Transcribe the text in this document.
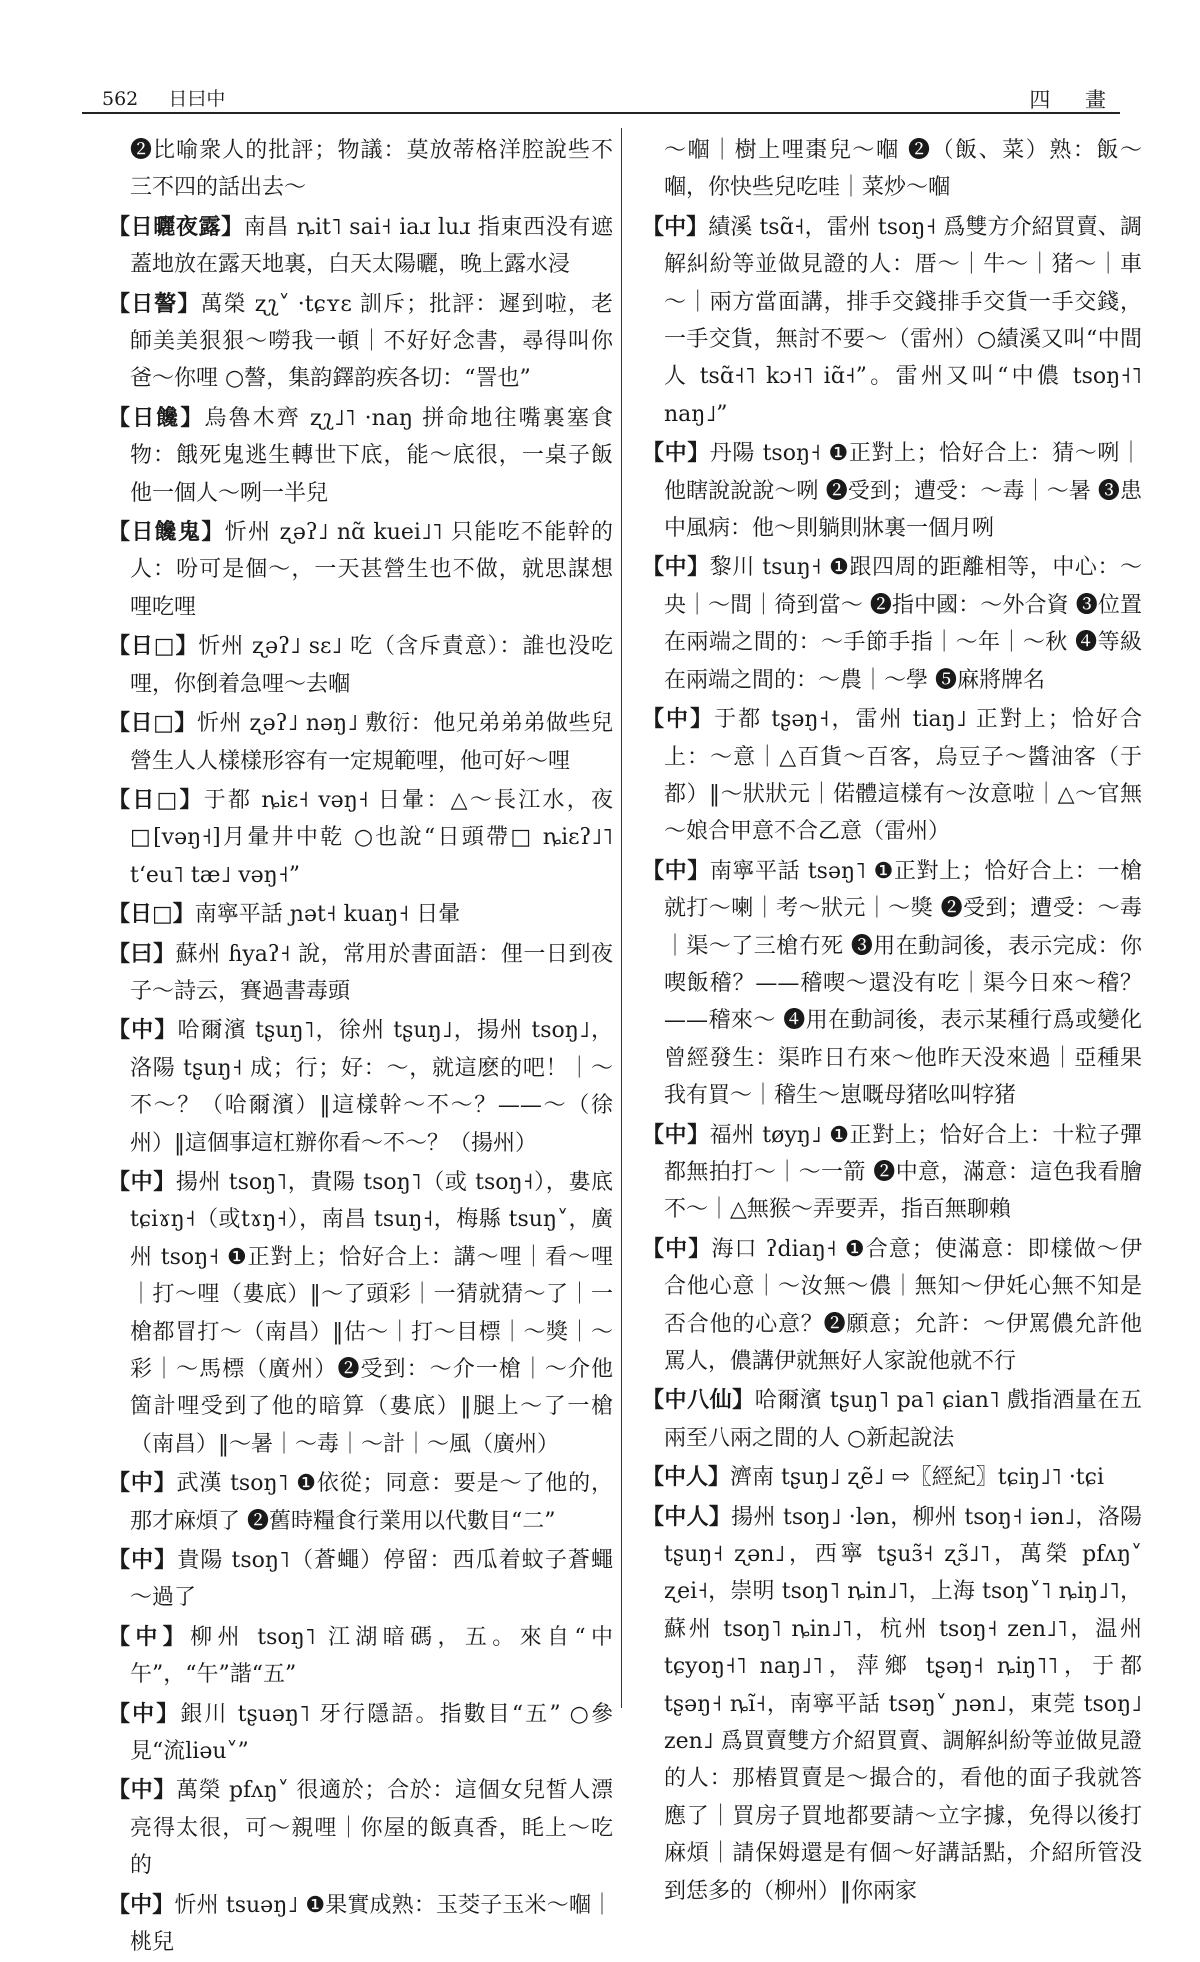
562 日曰中	四 畫
❷比喻衆人的批評；物議：莫放蒂格洋腔說些不三不四的話出去～
【日曬夜露】南昌 ȵit˥ sai˧ iaɹ luɹ 指東西没有遮蓋地放在露天地裏，白天太陽曬，晚上露水浸
【日謷】萬榮 ʐʅ˅ ·tɕʏɛ 訓斥；批評：遲到啦，老師美美狠狠～嘮我一頓｜不好好念書，尋得叫你爸～你哩 ○謷，集韵鐸韵疾各切：“詈也”
【日饞】烏魯木齊 ʐʅ˩˥ ·naŋ 拼命地往嘴裏塞食物：餓死鬼逃生轉世下底，能～底很，一桌子飯他一個人～咧一半兒
【日饞鬼】忻州 ʐəʔ˩ nɑ̃ kuei˩˥ 只能吃不能幹的人：吩可是個～，一天甚營生也不做，就思謀想哩吃哩
【日□】忻州 ʐəʔ˩ sɛ˩ 吃（含斥責意）：誰也没吃哩，你倒着急哩～去嗰
【日□】忻州 ʐəʔ˩ nəŋ˩ 敷衍：他兄弟弟弟做些兒營生人人樣樣形容有一定規範哩，他可好～哩
【日□】于都 ȵiɛ˧ vəŋ˧ 日暈：△～長江水，夜□[vəŋ˧]月暈井中乾 ○也說“日頭帶□ ȵiɛʔ˩˥ tʻeu˥ tæ˩ vəŋ˧”
【日□】南寧平話 ɲət˧ kuaŋ˧ 日暈
【曰】蘇州 ɦyaʔ˧ 說，常用於書面語：俚一日到夜子～詩云，賽過書毒頭
【中】哈爾濱 tʂuŋ˥，徐州 tʂuŋ˩，揚州 tsoŋ˩，洛陽 tʂuŋ˧ 成；行；好：～，就這麽的吧！｜～不～？（哈爾濱）‖這樣幹～不～？——～（徐州）‖這個事這杠辦你看～不～？（揚州）
【中】揚州 tsoŋ˥，貴陽 tsoŋ˥（或 tsoŋ˧），婁底 tɕiɤŋ˧（或tɤŋ˧），南昌 tsuŋ˧，梅縣 tsuŋ˅，廣州 tsoŋ˧ ❶正對上；恰好合上：講～哩｜看～哩｜打～哩（婁底）‖～了頭彩｜一猜就猜～了｜一槍都冒打～（南昌）‖估～｜打～目標｜～獎｜～彩｜～馬標（廣州）❷受到：～介一槍｜～介他箇計哩受到了他的暗算（婁底）‖腿上～了一槍（南昌）‖～暑｜～毒｜～計｜～風（廣州）
【中】武漢 tsoŋ˥ ❶依從；同意：要是～了他的，那才麻煩了 ❷舊時糧食行業用以代數目“二”
【中】貴陽 tsoŋ˥（蒼蠅）停留：西瓜着蚊子蒼蠅～過了
【中】柳州 tsoŋ˥ 江湖暗碼，五。來自“中午”，“午”諧“五”
【中】銀川 tʂuəŋ˥ 牙行隱語。指數目“五” ○參見“流liəu˅”
【中】萬榮 pfʌŋ˅ 很適於；合於：這個女兒皙人漂亮得太很，可～親哩｜你屋的飯真香，眊上～吃的
【中】忻州 tsuəŋ˩ ❶果實成熟：玉茭子玉米～嗰｜桃兒
～嗰｜樹上哩棗兒～嗰 ❷（飯、菜）熟：飯～嗰，你快些兒吃哇｜菜炒～嗰
【中】績溪 tsɑ̃˧，雷州 tsoŋ˧ 爲雙方介紹買賣、調解糾紛等並做見證的人：厝～｜牛～｜猪～｜車～｜兩方當面講，排手交錢排手交貨一手交錢，一手交貨，無討不要～（雷州）○績溪又叫“中間人 tsɑ̃˧˥ kɔ˧˥ iɑ̃˧”。雷州又叫“中儂 tsoŋ˧˥ naŋ˩”
【中】丹陽 tsoŋ˧ ❶正對上；恰好合上：猜～咧｜他瞎說說說～咧 ❷受到；遭受：～毒｜～暑 ❸患中風病：他～則躺則牀裏一個月咧
【中】黎川 tsuŋ˧ ❶跟四周的距離相等，中心：～央｜～間｜徛到當～ ❷指中國：～外合資 ❸位置在兩端之間的：～手節手指｜～年｜～秋 ❹等級在兩端之間的：～農｜～學 ❺麻將牌名
【中】于都 tʂəŋ˧，雷州 tiaŋ˩ 正對上；恰好合上：～意｜△百貨～百客，烏豆子～醬油客（于都）‖～狀狀元｜偌體這樣有～汝意啦｜△～官無～娘合甲意不合乙意（雷州）
【中】南寧平話 tsəŋ˥ ❶正對上；恰好合上：一槍就打～喇｜考～狀元｜～獎 ❷受到；遭受：～毒｜渠～了三槍冇死 ❸用在動詞後，表示完成：你喫飯稽？——稽喫～還没有吃｜渠今日來～稽？——稽來～ ❹用在動詞後，表示某種行爲或變化曾經發生：渠昨日冇來～他昨天没來過｜亞種果我有買～｜稽生～崽嘅母猪吆叫牸猪
【中】福州 tøyŋ˩ ❶正對上；恰好合上：十粒子彈都無拍打～｜～一箭 ❷中意，滿意：這色我看膾不～｜△無猴～弄要弄，指百無聊賴
【中】海口 ʔdiaŋ˧ ❶合意；使滿意：即樣做～伊合他心意｜～汝無～儂｜無知～伊奼心無不知是否合他的心意？❷願意；允許：～伊罵儂允許他罵人，儂講伊就無好人家說他就不行
【中八仙】哈爾濱 tʂuŋ˥ pa˥ ɕian˥ 戲指酒量在五兩至八兩之間的人 ○新起說法
【中人】濟南 tʂuŋ˩ ʐẽ˩ ⇨〖經紀〗tɕiŋ˩˥ ·tɕi
【中人】揚州 tsoŋ˩ ·lən，柳州 tsoŋ˧ iən˩，洛陽 tʂuŋ˧ ʐən˩，西寧 tʂuɜ̃˧ ʐɜ̃˩˥，萬榮 pfʌŋ˅ ʐei˧，崇明 tsoŋ˥ ȵin˩˥，上海 tsoŋ˅˥ ȵiŋ˩˥，蘇州 tsoŋ˥ ȵin˩˥，杭州 tsoŋ˧ zen˩˥，温州 tɕyoŋ˧˥ naŋ˩˥，萍鄉 tʂəŋ˧ ȵiŋ˥˥，于都 tʂəŋ˧ ȵĩ˧，南寧平話 tsəŋ˅ ɲən˩，東莞 tsoŋ˩ zen˩ 爲買賣雙方介紹買賣、調解糾紛等並做見證的人：那樁買賣是～撮合的，看他的面子我就答應了｜買房子買地都要請～立字據，免得以後打麻煩｜請保姆還是有個～好講話點，介紹所管没到恁多的（柳州）‖你兩家
